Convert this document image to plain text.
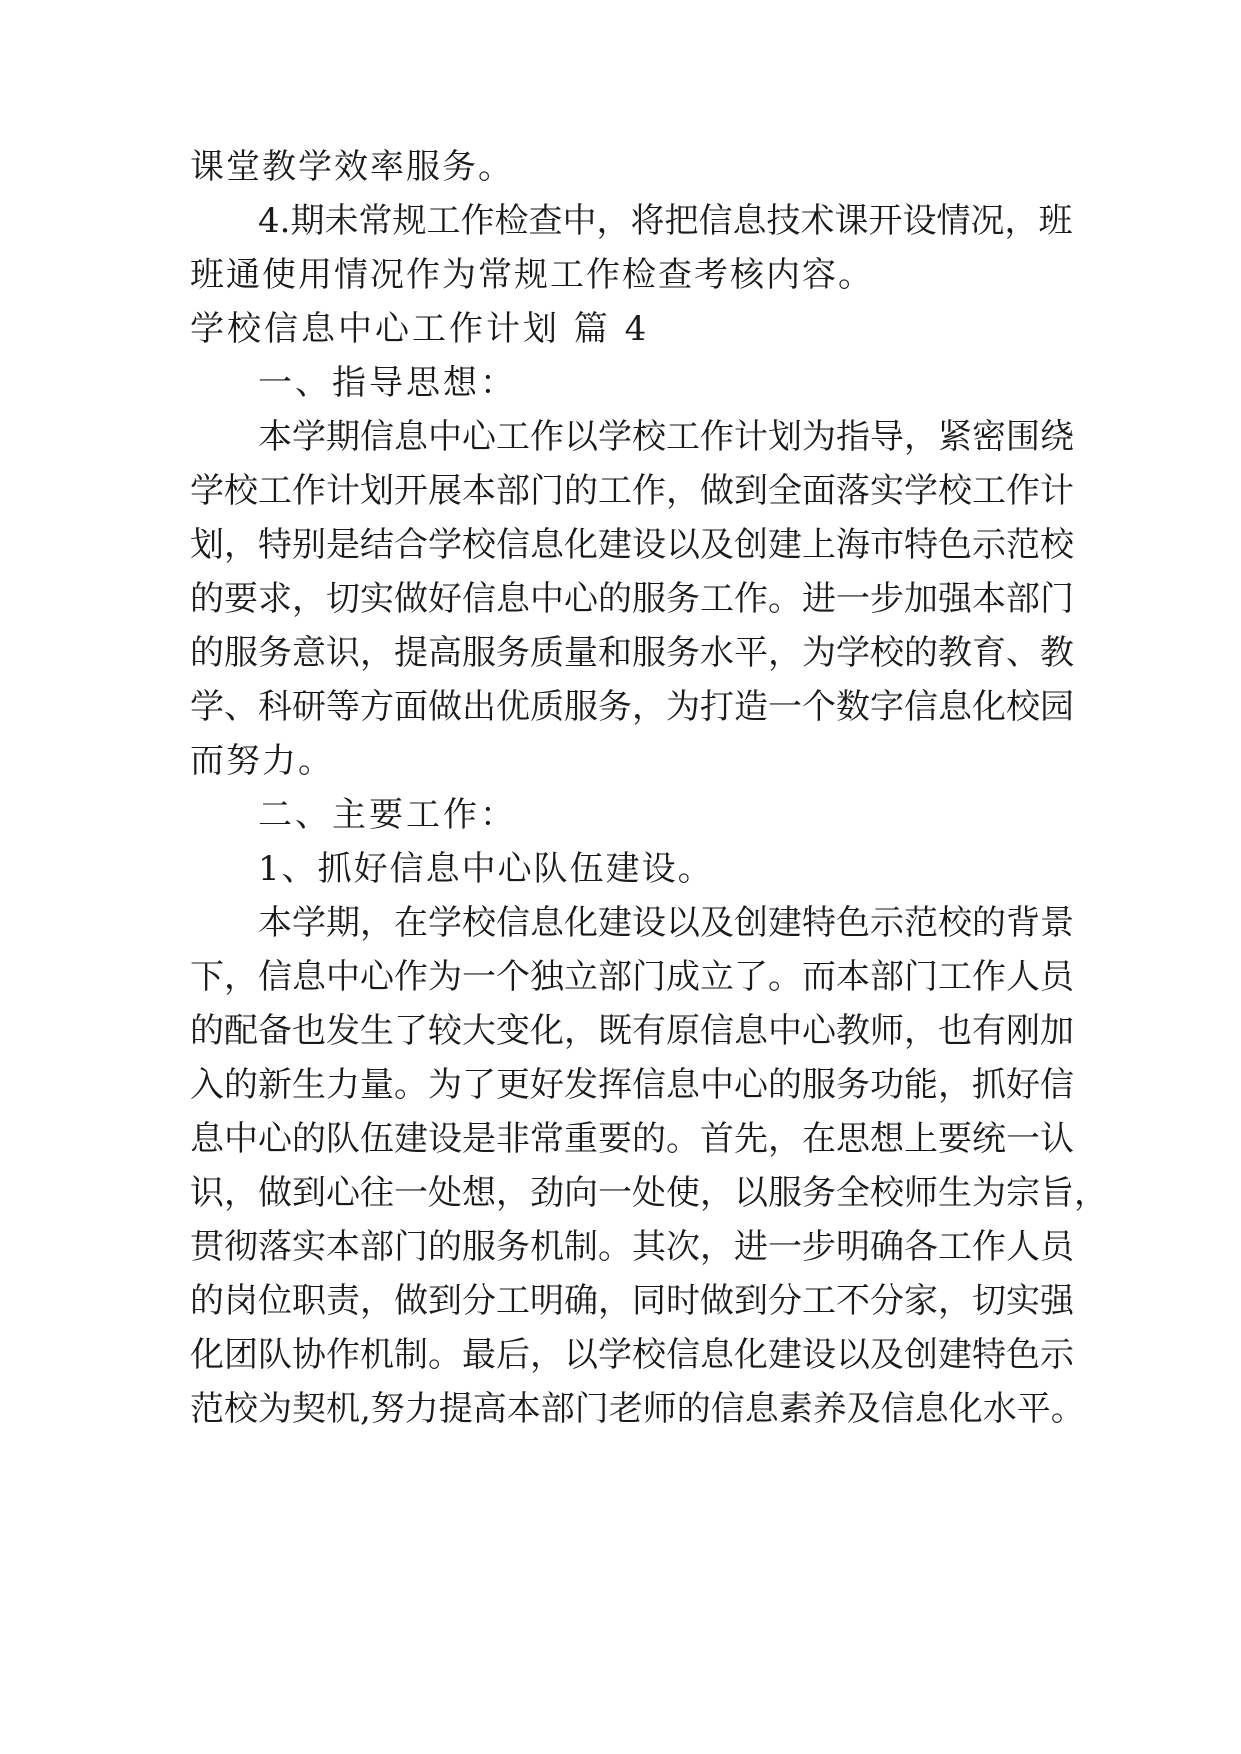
课堂教学效率服务。
4.期未常规工作检查中，将把信息技术课开设情况，班
班通使用情况作为常规工作检查考核内容。
学校信息中心工作计划 篇 4
一、指导思想：
本学期信息中心工作以学校工作计划为指导，紧密围绕
学校工作计划开展本部门的工作，做到全面落实学校工作计
划，特别是结合学校信息化建设以及创建上海市特色示范校
的要求，切实做好信息中心的服务工作。进一步加强本部门
的服务意识，提高服务质量和服务水平，为学校的教育、教
学、科研等方面做出优质服务，为打造一个数字信息化校园
而努力。
二、主要工作：
1、抓好信息中心队伍建设。
本学期，在学校信息化建设以及创建特色示范校的背景
下，信息中心作为一个独立部门成立了。而本部门工作人员
的配备也发生了较大变化，既有原信息中心教师，也有刚加
入的新生力量。为了更好发挥信息中心的服务功能，抓好信
息中心的队伍建设是非常重要的。首先，在思想上要统一认
识，做到心往一处想，劲向一处使，以服务全校师生为宗旨，
贯彻落实本部门的服务机制。其次，进一步明确各工作人员
的岗位职责，做到分工明确，同时做到分工不分家，切实强
化团队协作机制。最后，以学校信息化建设以及创建特色示
范校为契机,努力提高本部门老师的信息素养及信息化水平。
